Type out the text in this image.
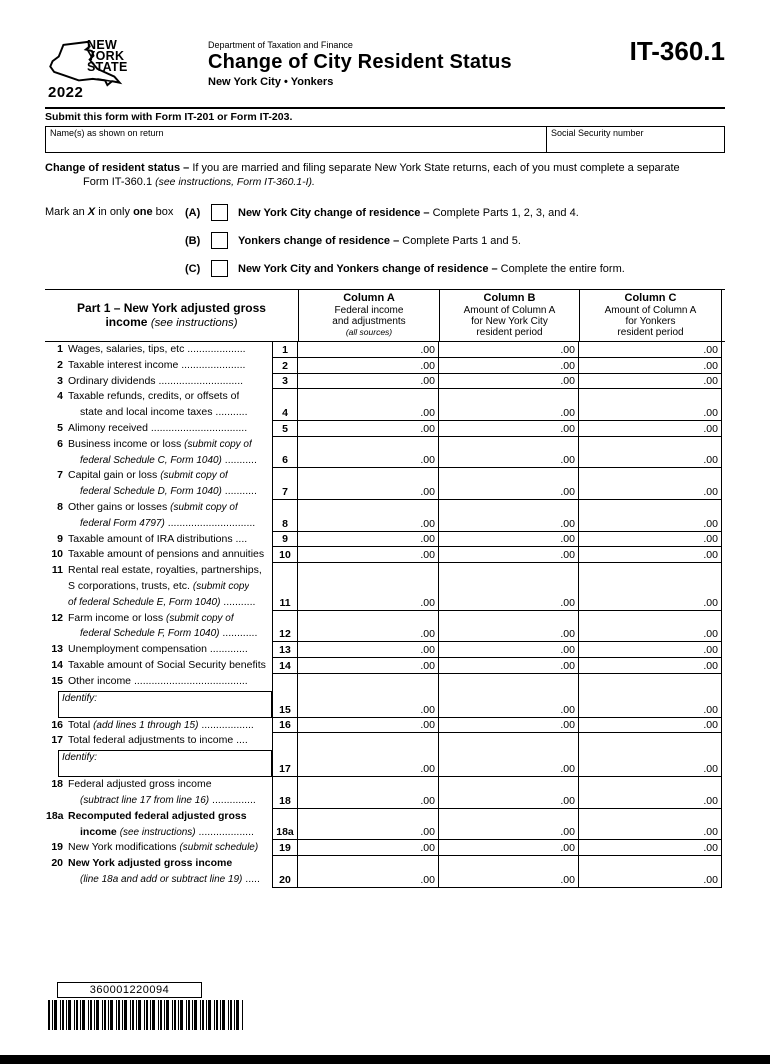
NEW
YORK
STATE
2022
Department of Taxation and Finance
Change of City Resident Status
New York City • Yonkers
IT-360.1
Submit this form with Form IT-201 or Form IT-203.
Name(s) as shown on return	Social Security number

Change of resident status – If you are married and filing separate New York State returns, each of you must complete a separate Form IT-360.1 (see instructions, Form IT-360.1-I).

Mark an X in only one box	(A)	New York City change of residence – Complete Parts 1, 2, 3, and 4.
(B)	Yonkers change of residence – Complete Parts 1 and 5.
(C)	New York City and Yonkers change of residence – Complete the entire form.
Part 1 – New York adjusted gross
income (see instructions)
Column A
Federal income
and adjustments
(all sources)
Column B
Amount of Column A
for New York City
resident period
Column C
Amount of Column A
for Yonkers
resident period
1 Wages, salaries, tips, etc ....................	1	.00	.00	.00
2 Taxable interest income ......................	2	.00	.00	.00
3 Ordinary dividends .............................	3	.00	.00	.00
4 Taxable refunds, credits, or offsets of
state and local income taxes ...........	4	.00	.00	.00
5 Alimony received .................................	5	.00	.00	.00
6 Business income or loss (submit copy of
federal Schedule C, Form 1040) ...........	6	.00	.00	.00
7 Capital gain or loss (submit copy of
federal Schedule D, Form 1040) ...........	7	.00	.00	.00
8 Other gains or losses (submit copy of
federal Form 4797) ..............................	8	.00	.00	.00
9 Taxable amount of IRA distributions ....	9	.00	.00	.00
10 Taxable amount of pensions and annuities	10	.00	.00	.00
11 Rental real estate, royalties, partnerships,
S corporations, trusts, etc. (submit copy
of federal Schedule E, Form 1040) ...........	11	.00	.00	.00
12 Farm income or loss (submit copy of
federal Schedule F, Form 1040) ............	12	.00	.00	.00
13 Unemployment compensation .............	13	.00	.00	.00
14 Taxable amount of Social Security benefits	14	.00	.00	.00
15 Other income .......................................
Identify:
15	.00	.00	.00
16 Total (add lines 1 through 15) ..................	16	.00	.00	.00
17 Total federal adjustments to income ....
Identify:
17	.00	.00	.00
18 Federal adjusted gross income
(subtract line 17 from line 16) ...............	18	.00	.00	.00
18a Recomputed federal adjusted gross
income (see instructions) ...................	18a	.00	.00	.00
19 New York modifications (submit schedule)	19	.00	.00	.00
20 New York adjusted gross income
(line 18a and add or subtract line 19) .....	20	.00	.00	.00
360001220094
